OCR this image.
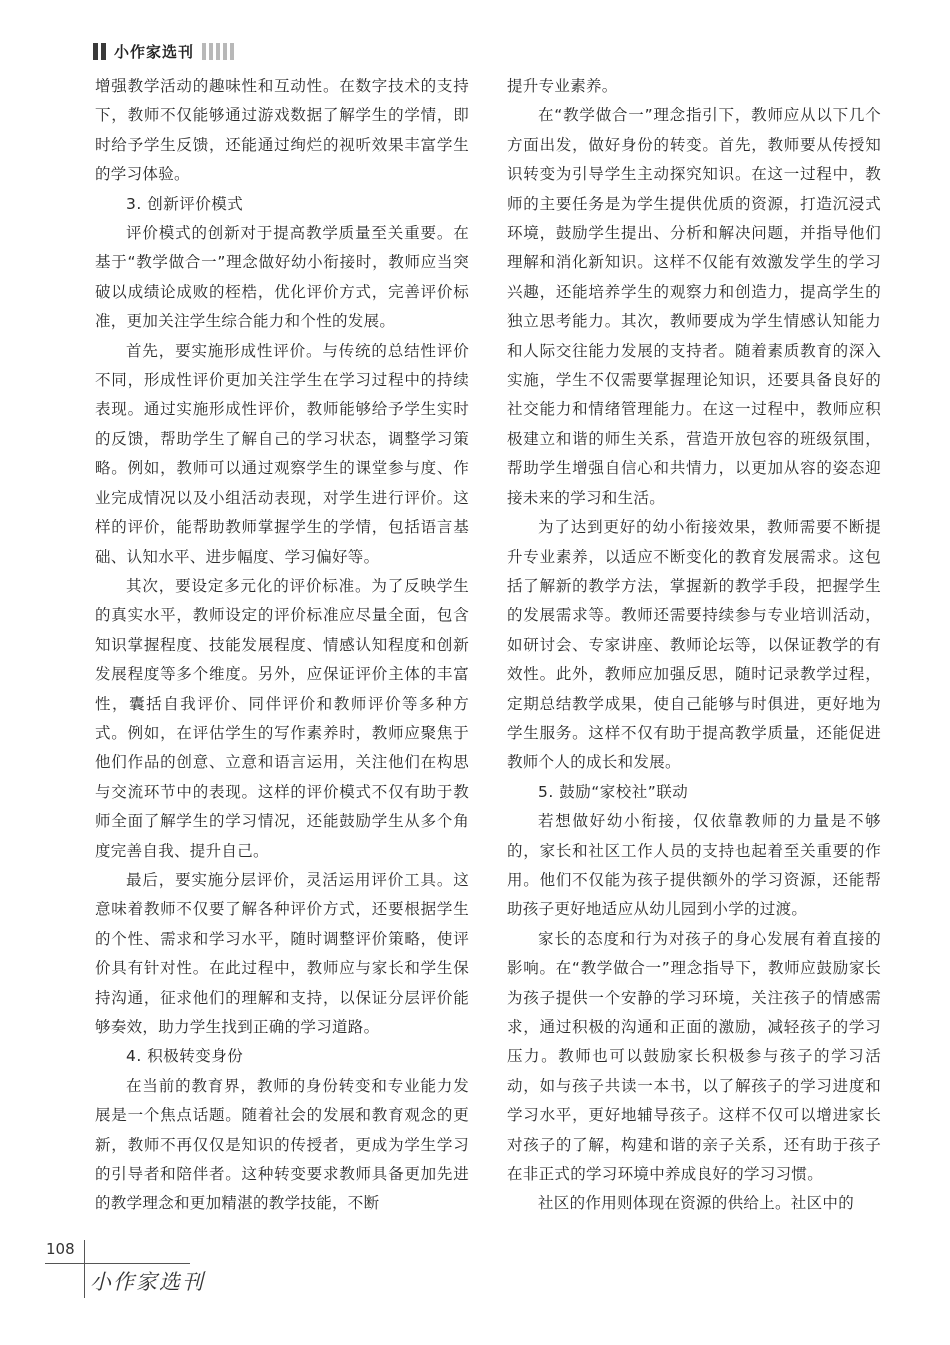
小作家选刊

增强教学活动的趣味性和互动性。在数字技术的支持下，教师不仅能够通过游戏数据了解学生的学情，即时给予学生反馈，还能通过绚烂的视听效果丰富学生的学习体验。

3. 创新评价模式

评价模式的创新对于提高教学质量至关重要。在基于“教学做合一”理念做好幼小衔接时，教师应当突破以成绩论成败的桎梏，优化评价方式，完善评价标准，更加关注学生综合能力和个性的发展。

首先，要实施形成性评价。与传统的总结性评价不同，形成性评价更加关注学生在学习过程中的持续表现。通过实施形成性评价，教师能够给予学生实时的反馈，帮助学生了解自己的学习状态，调整学习策略。例如，教师可以通过观察学生的课堂参与度、作业完成情况以及小组活动表现，对学生进行评价。这样的评价，能帮助教师掌握学生的学情，包括语言基础、认知水平、进步幅度、学习偏好等。

其次，要设定多元化的评价标准。为了反映学生的真实水平，教师设定的评价标准应尽量全面，包含知识掌握程度、技能发展程度、情感认知程度和创新发展程度等多个维度。另外，应保证评价主体的丰富性，囊括自我评价、同伴评价和教师评价等多种方式。例如，在评估学生的写作素养时，教师应聚焦于他们作品的创意、立意和语言运用，关注他们在构思与交流环节中的表现。这样的评价模式不仅有助于教师全面了解学生的学习情况，还能鼓励学生从多个角度完善自我、提升自己。

最后，要实施分层评价，灵活运用评价工具。这意味着教师不仅要了解各种评价方式，还要根据学生的个性、需求和学习水平，随时调整评价策略，使评价具有针对性。在此过程中，教师应与家长和学生保持沟通，征求他们的理解和支持，以保证分层评价能够奏效，助力学生找到正确的学习道路。

4. 积极转变身份

在当前的教育界，教师的身份转变和专业能力发展是一个焦点话题。随着社会的发展和教育观念的更新，教师不再仅仅是知识的传授者，更成为学生学习的引导者和陪伴者。这种转变要求教师具备更加先进的教学理念和更加精湛的教学技能，不断

提升专业素养。

在“教学做合一”理念指引下，教师应从以下几个方面出发，做好身份的转变。首先，教师要从传授知识转变为引导学生主动探究知识。在这一过程中，教师的主要任务是为学生提供优质的资源，打造沉浸式环境，鼓励学生提出、分析和解决问题，并指导他们理解和消化新知识。这样不仅能有效激发学生的学习兴趣，还能培养学生的观察力和创造力，提高学生的独立思考能力。其次，教师要成为学生情感认知能力和人际交往能力发展的支持者。随着素质教育的深入实施，学生不仅需要掌握理论知识，还要具备良好的社交能力和情绪管理能力。在这一过程中，教师应积极建立和谐的师生关系，营造开放包容的班级氛围，帮助学生增强自信心和共情力，以更加从容的姿态迎接未来的学习和生活。

为了达到更好的幼小衔接效果，教师需要不断提升专业素养，以适应不断变化的教育发展需求。这包括了解新的教学方法，掌握新的教学手段，把握学生的发展需求等。教师还需要持续参与专业培训活动，如研讨会、专家讲座、教师论坛等，以保证教学的有效性。此外，教师应加强反思，随时记录教学过程，定期总结教学成果，使自己能够与时俱进，更好地为学生服务。这样不仅有助于提高教学质量，还能促进教师个人的成长和发展。

5. 鼓励“家校社”联动

若想做好幼小衔接，仅依靠教师的力量是不够的，家长和社区工作人员的支持也起着至关重要的作用。他们不仅能为孩子提供额外的学习资源，还能帮助孩子更好地适应从幼儿园到小学的过渡。

家长的态度和行为对孩子的身心发展有着直接的影响。在“教学做合一”理念指导下，教师应鼓励家长为孩子提供一个安静的学习环境，关注孩子的情感需求，通过积极的沟通和正面的激励，减轻孩子的学习压力。教师也可以鼓励家长积极参与孩子的学习活动，如与孩子共读一本书，以了解孩子的学习进度和学习水平，更好地辅导孩子。这样不仅可以增进家长对孩子的了解，构建和谐的亲子关系，还有助于孩子在非正式的学习环境中养成良好的学习习惯。

社区的作用则体现在资源的供给上。社区中的

108
小作家选刊
